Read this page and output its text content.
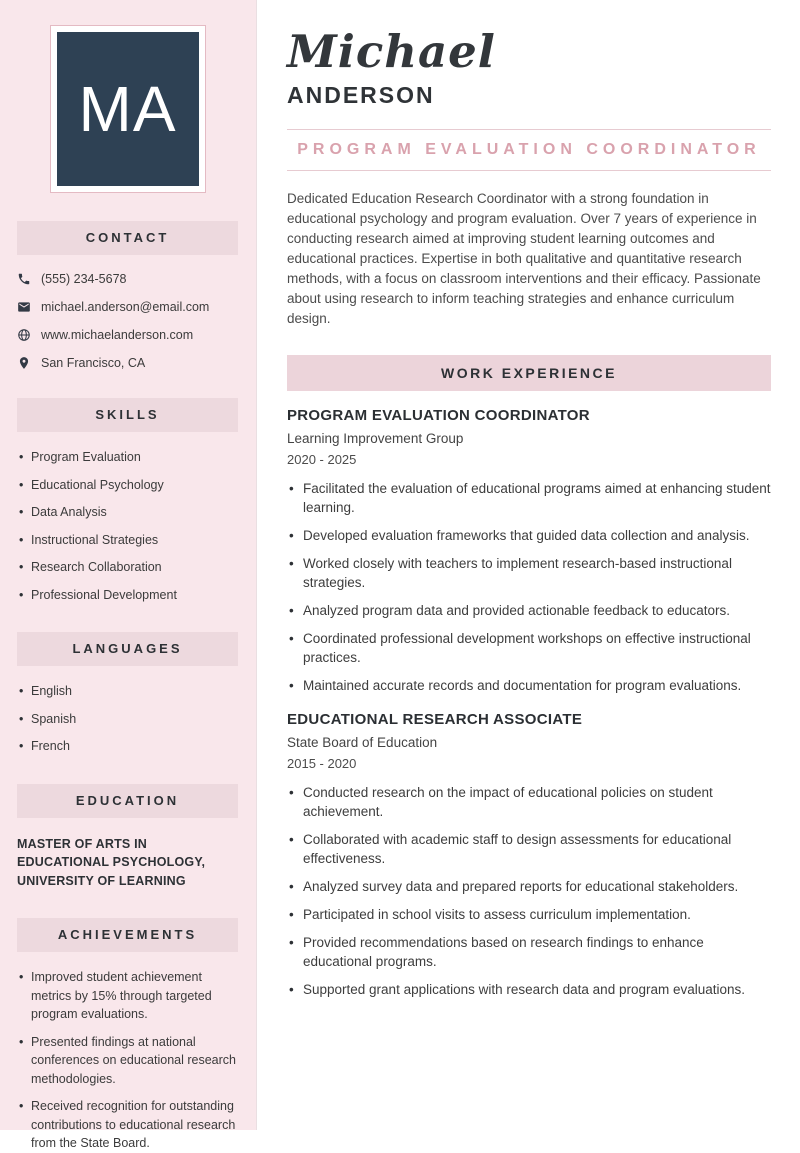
MA
CONTACT
(555) 234-5678
michael.anderson@email.com
www.michaelanderson.com
San Francisco, CA
SKILLS
• Program Evaluation
• Educational Psychology
• Data Analysis
• Instructional Strategies
• Research Collaboration
• Professional Development
LANGUAGES
• English
• Spanish
• French
EDUCATION
MASTER OF ARTS IN EDUCATIONAL PSYCHOLOGY, UNIVERSITY OF LEARNING
ACHIEVEMENTS
• Improved student achievement metrics by 15% through targeted program evaluations.
• Presented findings at national conferences on educational research methodologies.
• Received recognition for outstanding contributions to educational research from the State Board.
Michael
ANDERSON
PROGRAM EVALUATION COORDINATOR

Dedicated Education Research Coordinator with a strong foundation in educational psychology and program evaluation. Over 7 years of experience in conducting research aimed at improving student learning outcomes and educational practices. Expertise in both qualitative and quantitative research methods, with a focus on classroom interventions and their efficacy. Passionate about using research to inform teaching strategies and enhance curriculum design.

WORK EXPERIENCE
PROGRAM EVALUATION COORDINATOR
Learning Improvement Group
2020 - 2025
• Facilitated the evaluation of educational programs aimed at enhancing student learning.
• Developed evaluation frameworks that guided data collection and analysis.
• Worked closely with teachers to implement research-based instructional strategies.
• Analyzed program data and provided actionable feedback to educators.
• Coordinated professional development workshops on effective instructional practices.
• Maintained accurate records and documentation for program evaluations.
EDUCATIONAL RESEARCH ASSOCIATE
State Board of Education
2015 - 2020
• Conducted research on the impact of educational policies on student achievement.
• Collaborated with academic staff to design assessments for educational effectiveness.
• Analyzed survey data and prepared reports for educational stakeholders.
• Participated in school visits to assess curriculum implementation.
• Provided recommendations based on research findings to enhance educational programs.
• Supported grant applications with research data and program evaluations.
